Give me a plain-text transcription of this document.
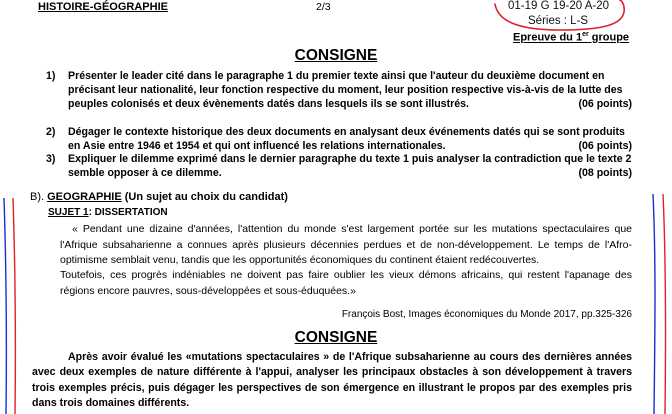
HISTOIRE-GÉOGRAPHIE	2/3	01-19 G 19-20 A-20
Séries : L-S
Epreuve du 1er groupe
CONSIGNE
1) Présenter le leader cité dans le paragraphe 1 du premier texte ainsi que l'auteur du deuxième document en précisant leur nationalité, leur fonction respective du moment, leur position respective vis-à-vis de la lutte des peuples colonisés et deux évènements datés dans lesquels ils se sont illustrés.	(06 points)
2) Dégager le contexte historique des deux documents en analysant deux événements datés qui se sont produits en Asie entre 1946 et 1954 et qui ont influencé les relations internationales.	(06 points)
3) Expliquer le dilemme exprimé dans le dernier paragraphe du texte 1 puis analyser la contradiction que le texte 2 semble opposer à ce dilemme.	(08 points)
B). GEOGRAPHIE (Un sujet au choix du candidat)
SUJET 1: DISSERTATION
« Pendant une dizaine d'années, l'attention du monde s'est largement portée sur les mutations spectaculaires que l'Afrique subsaharienne a connues après plusieurs décennies perdues et de non-développement. Le temps de l'Afro-optimisme semblait venu, tandis que les opportunités économiques du continent étaient redécouvertes.
Toutefois, ces progrès indéniables ne doivent pas faire oublier les vieux démons africains, qui restent l'apanage des régions encore pauvres, sous-développées et sous-éduquées.»
François Bost, Images économiques du Monde 2017, pp.325-326
CONSIGNE
Après avoir évalué les «mutations spectaculaires » de l'Afrique subsaharienne au cours des dernières années avec deux exemples de nature différente à l'appui, analyser les principaux obstacles à son développement à travers trois exemples précis, puis dégager les perspectives de son émergence en illustrant le propos par des exemples pris dans trois domaines différents.
